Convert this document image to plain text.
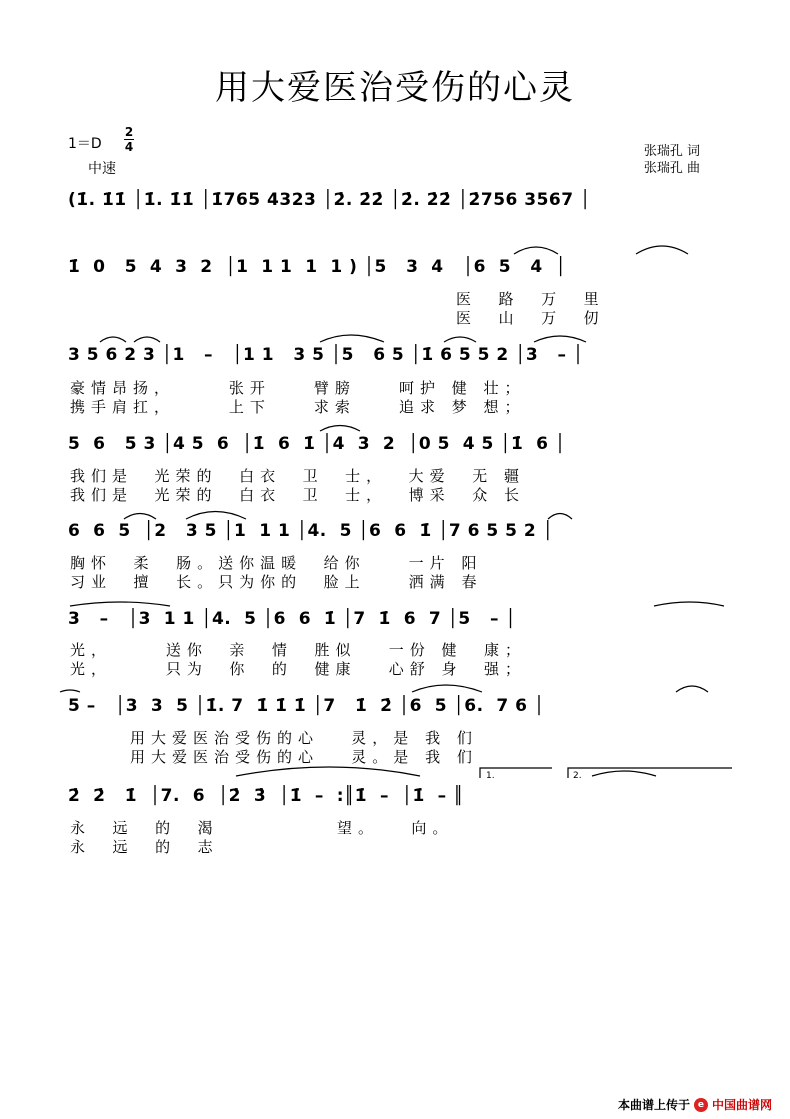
用大爱医治受伤的心灵
1＝D
2
4
中速
张瑞孔 词
张瑞孔 曲
(1̇. 1̇1̇ │1̇. 1̇1̇ │1̇765 4323 │2̇. 2̇2̇ │2̇. 2̇2̇ │2̇756 3567 │
1̇  0   5  4  3  2  │1  1 1  1  1 ) │5   3  4   │6  5   4  │
医  路  万  里
医  山  万  仞
3 5 6 2 3 │1   –   │1 1   3 5 │5   6 5 │1̇ 6 5 5 2 │3   – │
豪情昂扬，     张开    臂膀    呵护 健 壮；
携手肩扛，     上下    求索    追求 梦 想；
5  6   5 3 │4 5  6  │1̇  6  1̇ │4  3  2  │0 5  4 5 │1̇  6 │
我们是  光荣的  白衣  卫  士，  大爱  无 疆
我们是  光荣的  白衣  卫  士，  博采  众 长
6  6  5  │2   3 5 │1  1 1 │4.  5 │6  6  1̇ │7 6 5 5 2 │
胸怀  柔  肠。送你温暖  给你    一片 阳
习业  擅  长。只为你的  脸上    洒满 春
3   –   │3  1 1 │4.  5 │6  6  1̇ │7  1̇  6  7 │5   – │
光，     送你  亲  情  胜似   一份 健  康；
光，     只为  你  的  健康   心舒 身  强；
5 –   │3  3  5 │1̇. 7  1̇ 1̇ 1̇ │7   1̇  2̇ │6  5 │6.  7 6 │
用大爱医治受伤的心   灵，是 我 们
用大爱医治受伤的心   灵。是 我 们
2̇  2̇   1̇  │7.  6  │2̇  3̇  │1̇  –  :║1̇  –  │1̇  – ║
永  远  的  渴           望。   向。
永  远  的  志
1.	2.
本曲谱上传于 e 中国曲谱网
